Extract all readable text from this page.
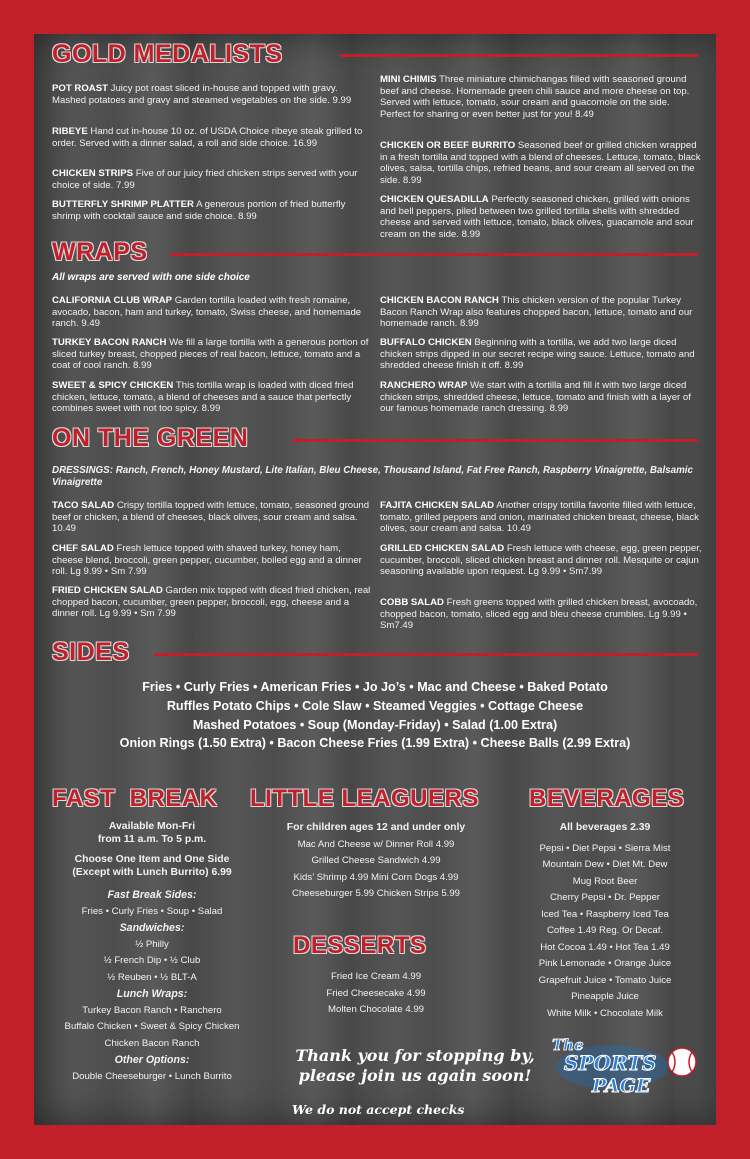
GOLD MEDALISTS
POT ROAST Juicy pot roast sliced in-house and topped with gravy. Mashed potatoes and gravy and steamed vegetables on the side. 9.99
RIBEYE Hand cut in-house 10 oz. of USDA Choice ribeye steak grilled to order. Served with a dinner salad, a roll and side choice. 16.99
CHICKEN STRIPS Five of our juicy fried chicken strips served with your choice of side. 7.99
BUTTERFLY SHRIMP PLATTER A generous portion of fried butterfly shrimp with cocktail sauce and side choice. 8.99
MINI CHIMIS Three miniature chimichangas filled with seasoned ground beef and cheese. Homemade green chili sauce and more cheese on top. Served with lettuce, tomato, sour cream and guacomole on the side. Perfect for sharing or even better just for you! 8.49
CHICKEN OR BEEF BURRITO Seasoned beef or grilled chicken wrapped in a fresh tortilla and topped with a blend of cheeses. Lettuce, tomato, black olives, salsa, tortilla chips, refried beans, and sour cream all served on the side. 8.99
CHICKEN QUESADILLA Perfectly seasoned chicken, grilled with onions and bell peppers, piled between two grilled tortilla shells with shredded cheese and served with lettuce, tomato, black olives, guacamole and sour cream on the side. 8.99
WRAPS
All wraps are served with one side choice
CALIFORNIA CLUB WRAP Garden tortilla loaded with fresh romaine, avocado, bacon, ham and turkey, tomato, Swiss cheese, and homemade ranch. 9.49
TURKEY BACON RANCH We fill a large tortilla with a generous portion of sliced turkey breast, chopped pieces of real bacon, lettuce, tomato and a coat of cool ranch. 8.99
SWEET & SPICY CHICKEN This tortilla wrap is loaded with diced fried chicken, lettuce, tomato, a blend of cheeses and a sauce that perfectly combines sweet with not too spicy. 8.99
CHICKEN BACON RANCH This chicken version of the popular Turkey Bacon Ranch Wrap also features chopped bacon, lettuce, tomato and our homemade ranch. 8.99
BUFFALO CHICKEN Beginning with a tortilla, we add two large diced chicken strips dipped in our secret recipe wing sauce. Lettuce, tomato and shredded cheese finish it off. 8.99
RANCHERO WRAP We start with a tortilla and fill it with two large diced chicken strips, shredded cheese, lettuce, tomato and finish with a layer of our famous homemade ranch dressing. 8.99
ON THE GREEN
DRESSINGS: Ranch, French, Honey Mustard, Lite Italian, Bleu Cheese, Thousand Island, Fat Free Ranch, Raspberry Vinaigrette, Balsamic Vinaigrette
TACO SALAD Crispy tortilla topped with lettuce, tomato, seasoned ground beef or chicken, a blend of cheeses, black olives, sour cream and salsa. 10.49
CHEF SALAD Fresh lettuce topped with shaved turkey, honey ham, cheese blend, broccoli, green pepper, cucumber, boiled egg and a dinner roll. Lg 9.99 • Sm 7.99
FRIED CHICKEN SALAD Garden mix topped with diced fried chicken, real chopped bacon, cucumber, green pepper, broccoli, egg, cheese and a dinner roll. Lg 9.99 • Sm 7.99
FAJITA CHICKEN SALAD Another crispy tortilla favorite filled with lettuce, tomato, grilled peppers and onion, marinated chicken breast, cheese, black olives, sour cream and salsa. 10.49
GRILLED CHICKEN SALAD Fresh lettuce with cheese, egg, green pepper, cucumber, broccoli, sliced chicken breast and dinner roll. Mesquite or cajun seasoning available upon request. Lg 9.99 • Sm7.99
COBB SALAD Fresh greens topped with grilled chicken breast, avocoado, chopped bacon, tomato, sliced egg and bleu cheese crumbles. Lg 9.99 • Sm7.49
SIDES
Fries • Curly Fries • American Fries • Jo Jo’s • Mac and Cheese • Baked Potato
Ruffles Potato Chips • Cole Slaw • Steamed Veggies • Cottage Cheese
Mashed Potatoes • Soup (Monday-Friday) • Salad (1.00 Extra)
Onion Rings (1.50 Extra) • Bacon Cheese Fries (1.99 Extra) • Cheese Balls (2.99 Extra)
FAST  BREAK
Available Mon-Fri
from 11 a.m. To 5 p.m.
Choose One Item and One Side
(Except with Lunch Burrito) 6.99
Fast Break Sides:
Fries • Curly Fries • Soup • Salad
Sandwiches:
½ Philly
½ French Dip • ½ Club
½ Reuben • ½ BLT-A
Lunch Wraps:
Turkey Bacon Ranch • Ranchero
Buffalo Chicken • Sweet & Spicy Chicken
Chicken Bacon Ranch
Other Options:
Double Cheeseburger • Lunch Burrito
LITTLE LEAGUERS
For children ages 12 and under only
Mac And Cheese w/ Dinner Roll 4.99
Grilled Cheese Sandwich 4.99
Kids’ Shrimp 4.99 Mini Corn Dogs 4.99
Cheeseburger 5.99 Chicken Strips 5.99
DESSERTS
Fried Ice Cream 4.99
Fried Cheesecake 4.99
Molten Chocolate 4.99
BEVERAGES
All beverages 2.39
Pepsi • Diet Pepsi • Sierra Mist
Mountain Dew • Diet Mt. Dew
Mug Root Beer
Cherry Pepsi • Dr. Pepper
Iced Tea • Raspberry Iced Tea
Coffee 1.49 Reg. Or Decaf.
Hot Cocoa 1.49 • Hot Tea 1.49
Pink Lemonade • Orange Juice
Grapefruit Juice • Tomato Juice
Pineapple Juice
White Milk • Chocolate Milk
Thank you for stopping by,
please join us again soon!
We do not accept checks
The
SPORTS
PAGE
